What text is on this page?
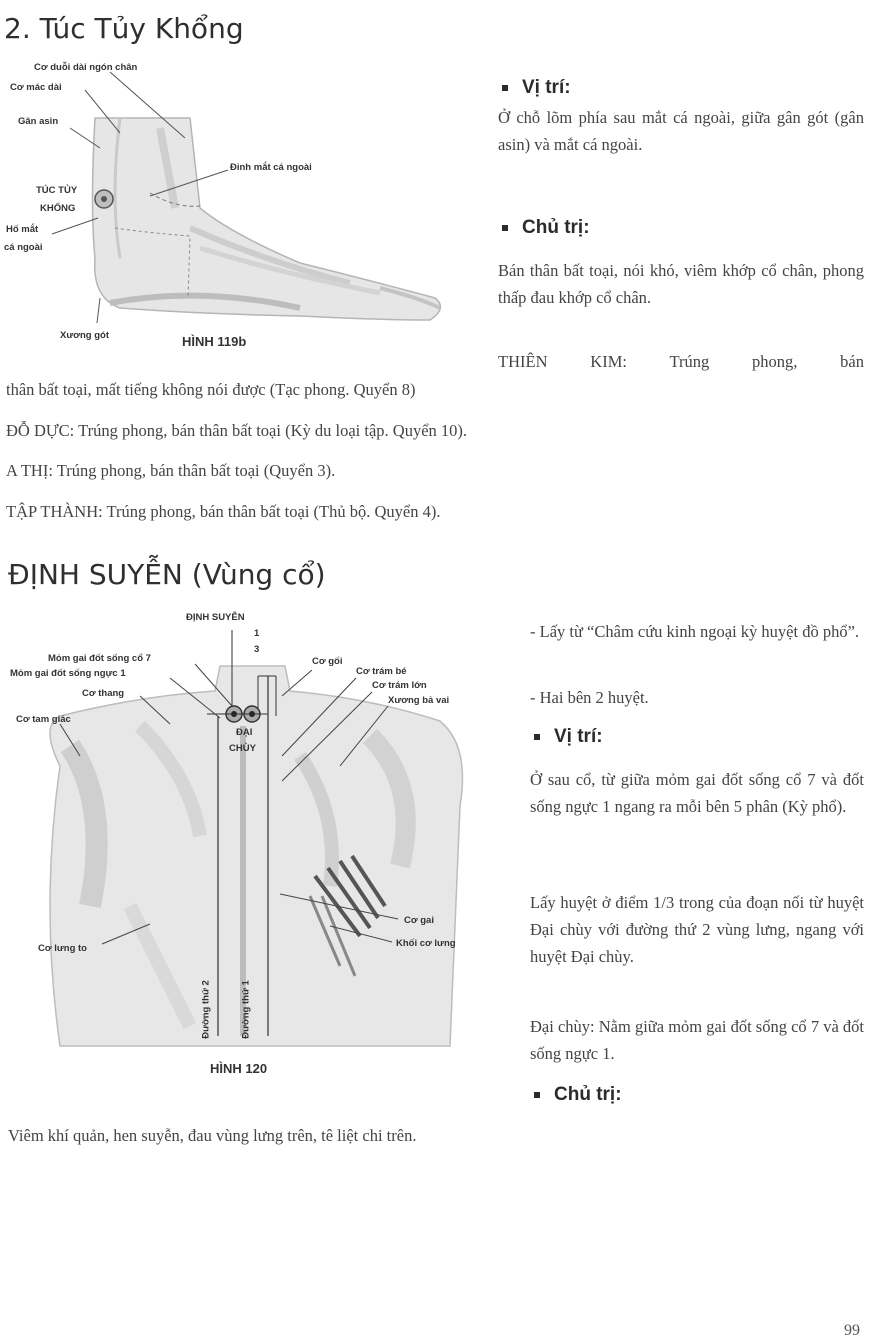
2. Túc Tủy Khổng
Cơ duỗi dài ngón chân
Cơ mác dài
Gân asin
Đỉnh mắt cá ngoài
TÚC TỦY
KHỔNG
Hố mắt
cá ngoài
Xương gót	HÌNH 119b
Vị trí:

Ở chỗ lõm phía sau mắt cá ngoài, giữa gân gót (gân asin) và mắt cá ngoài.

Chủ trị:

Bán thân bất toại, nói khó, viêm khớp cổ chân, phong thấp đau khớp cổ chân.

THIÊN KIM: Trúng phong, bán
thân bất toại, mất tiếng không nói được (Tạc phong. Quyển 8)
ĐỖ DỰC: Trúng phong, bán thân bất toại (Kỳ du loại tập. Quyển 10).
A THỊ: Trúng phong, bán thân bất toại (Quyển 3).
TẬP THÀNH: Trúng phong, bán thân bất toại (Thủ bộ. Quyển 4).
ĐỊNH SUYỄN (Vùng cổ)
ĐỊNH SUYỄN
1
3
Mỏm gai đốt sống cổ 7
Mỏm gai đốt sống ngực 1
Cơ thang
Cơ tam giác
Cơ gối
Cơ trám bé
Cơ trám lớn
Xương bả vai
ĐẠI
CHÙY
Cơ gai
Khối cơ lưng
Cơ lưng to
Đường thứ 2	Đường thứ 1
HÌNH 120

- Lấy từ “Châm cứu kinh ngoại kỳ huyệt đồ phổ”.

- Hai bên 2 huyệt.

Vị trí:

Ở sau cổ, từ giữa mỏm gai đốt sống cổ 7 và đốt sống ngực 1 ngang ra mỗi bên 5 phân (Kỳ phổ).

Lấy huyệt ở điểm 1/3 trong của đoạn nối từ huyệt Đại chùy với đường thứ 2 vùng lưng, ngang với huyệt Đại chùy.

Đại chùy: Nằm giữa mỏm gai đốt sống cổ 7 và đốt sống ngực 1.

Chủ trị:
Viêm khí quản, hen suyễn, đau vùng lưng trên, tê liệt chi trên.
99
